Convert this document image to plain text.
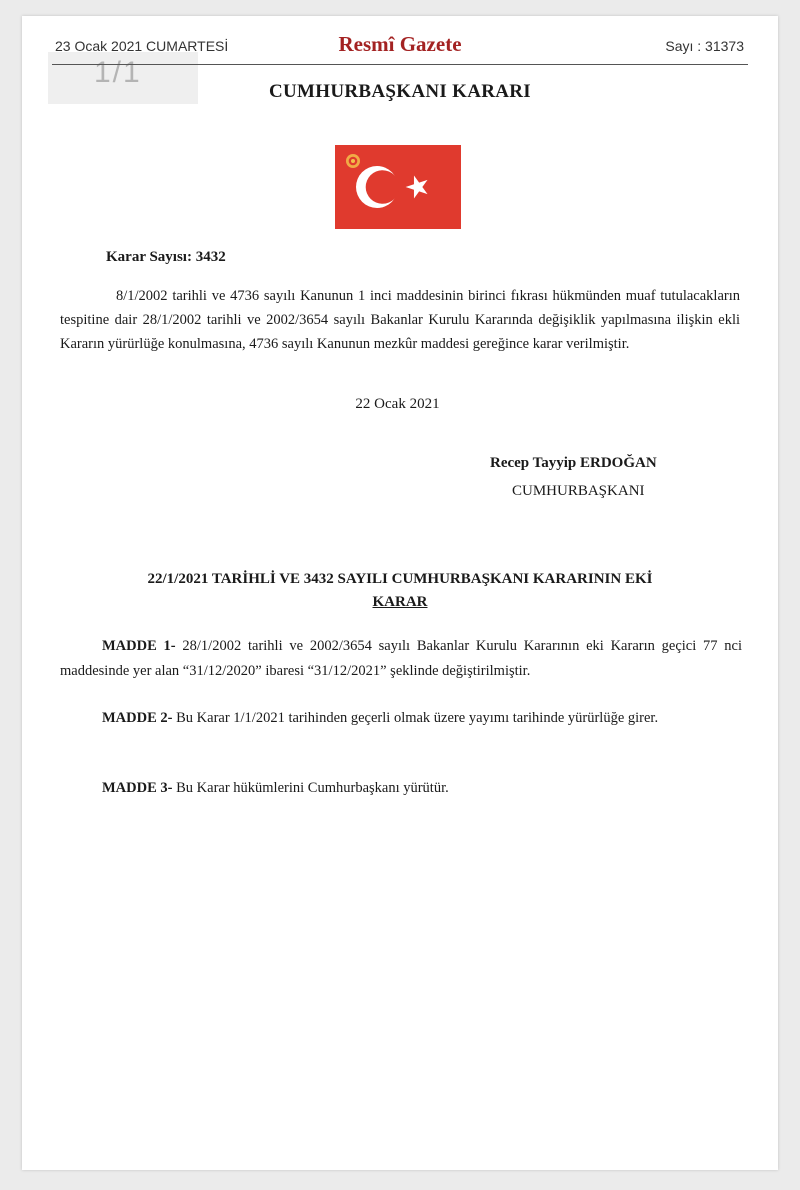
1/1
23 Ocak 2021 CUMARTESİ	Resmî Gazete	Sayı : 31373
CUMHURBAŞKANI KARARI
Karar Sayısı: 3432

8/1/2002 tarihli ve 4736 sayılı Kanunun 1 inci maddesinin birinci fıkrası hükmünden muaf tutulacakların tespitine dair 28/1/2002 tarihli ve 2002/3654 sayılı Bakanlar Kurulu Kararında değişiklik yapılmasına ilişkin ekli Kararın yürürlüğe konulmasına, 4736 sayılı Kanunun mezkûr maddesi gereğince karar verilmiştir.

22 Ocak 2021
Recep Tayyip ERDOĞAN
CUMHURBAŞKANI
22/1/2021 TARİHLİ VE 3432 SAYILI CUMHURBAŞKANI KARARININ EKİ
KARAR

MADDE 1- 28/1/2002 tarihli ve 2002/3654 sayılı Bakanlar Kurulu Kararının eki Kararın geçici 77 nci maddesinde yer alan “31/12/2020” ibaresi “31/12/2021” şeklinde değiştirilmiştir.

MADDE 2- Bu Karar 1/1/2021 tarihinden geçerli olmak üzere yayımı tarihinde yürürlüğe girer.

MADDE 3- Bu Karar hükümlerini Cumhurbaşkanı yürütür.
